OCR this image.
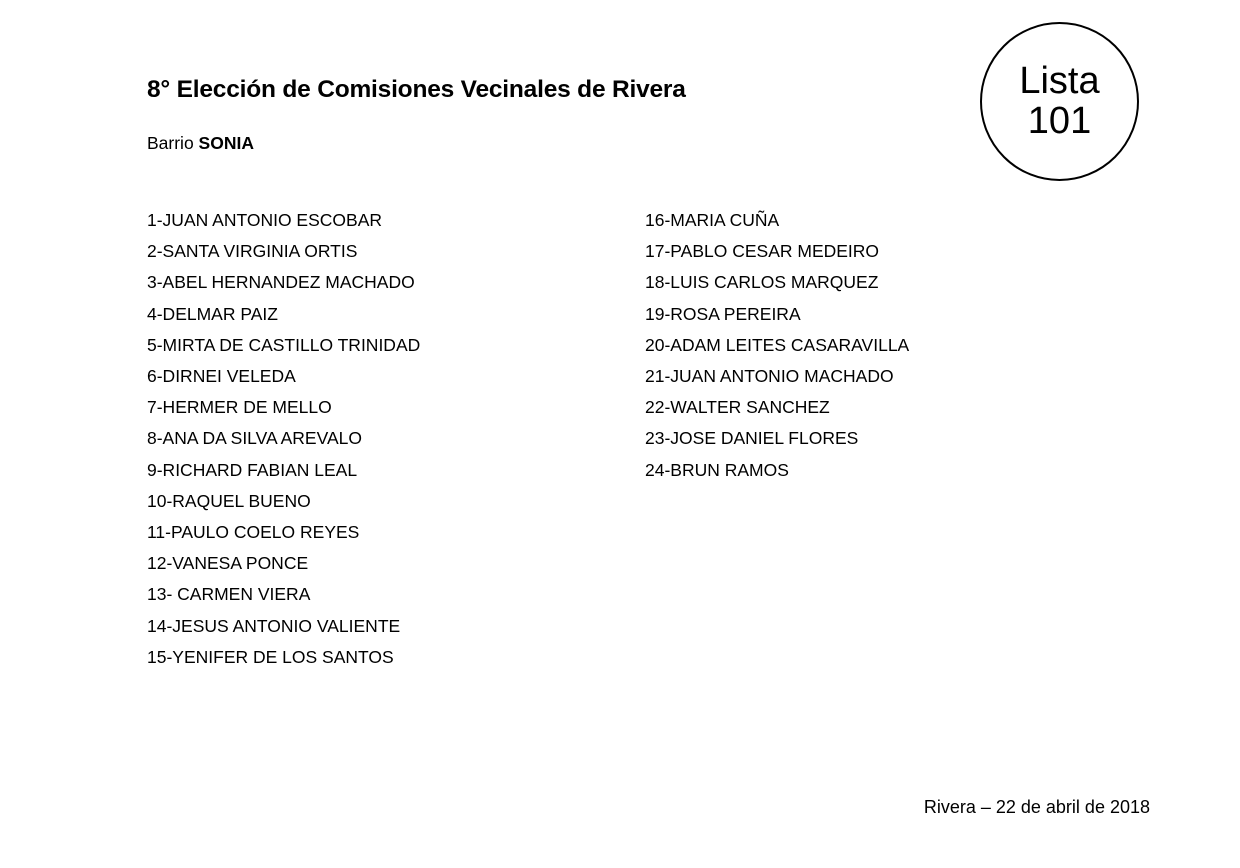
Lista
101
8° Elección de Comisiones Vecinales de Rivera
Barrio SONIA
1-JUAN ANTONIO ESCOBAR
2-SANTA VIRGINIA ORTIS
3-ABEL HERNANDEZ MACHADO
4-DELMAR PAIZ
5-MIRTA DE CASTILLO TRINIDAD
6-DIRNEI VELEDA
7-HERMER DE MELLO
8-ANA DA SILVA AREVALO
9-RICHARD FABIAN LEAL
10-RAQUEL BUENO
11-PAULO COELO REYES
12-VANESA PONCE
13- CARMEN VIERA
14-JESUS ANTONIO VALIENTE
15-YENIFER DE LOS SANTOS
16-MARIA CUÑA
17-PABLO CESAR MEDEIRO
18-LUIS CARLOS MARQUEZ
19-ROSA PEREIRA
20-ADAM LEITES CASARAVILLA
21-JUAN ANTONIO MACHADO
22-WALTER SANCHEZ
23-JOSE DANIEL FLORES
24-BRUN RAMOS
Rivera – 22 de abril de 2018
